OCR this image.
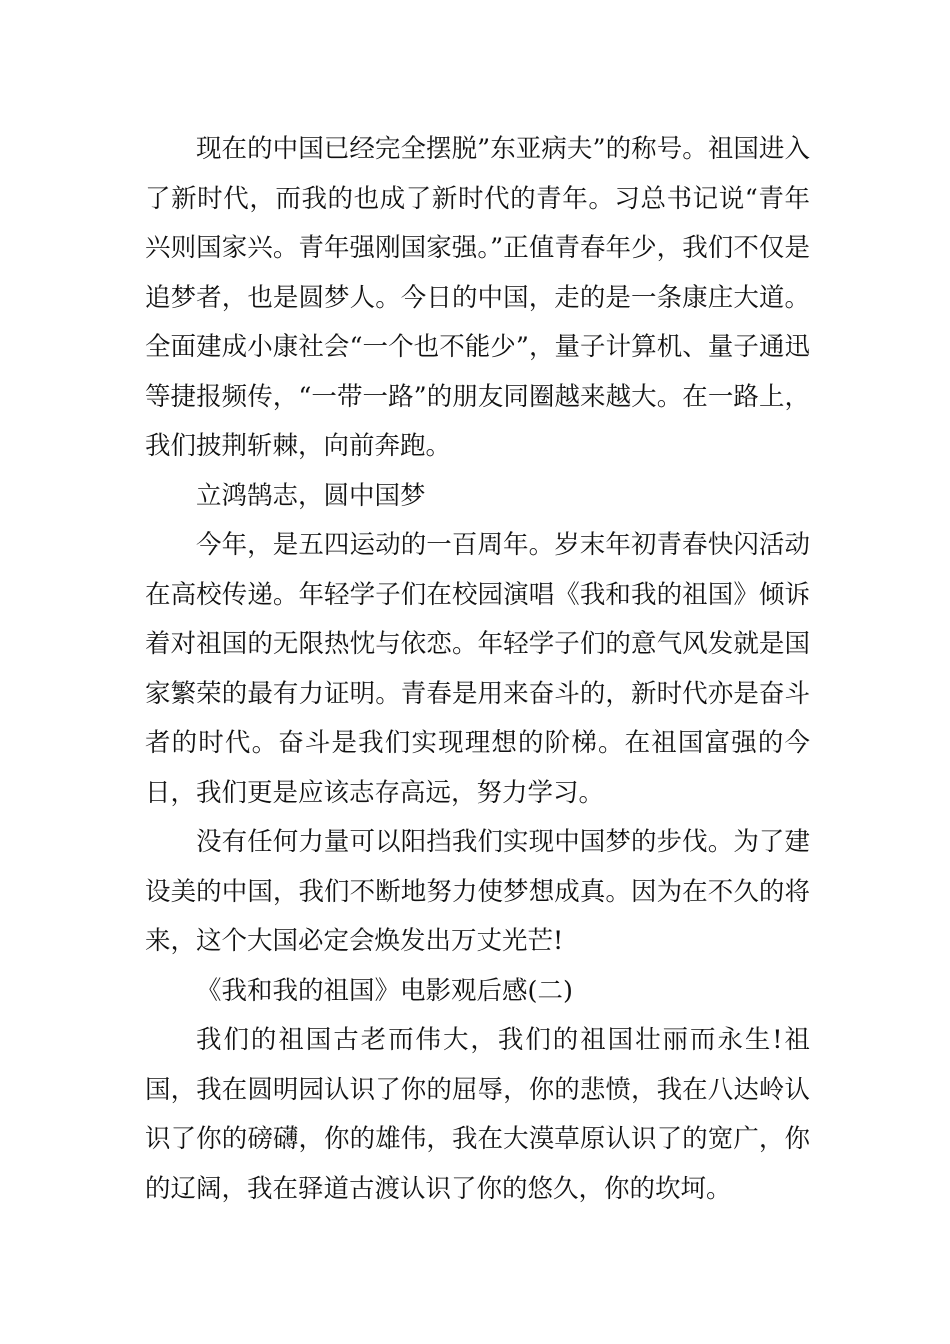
现在的中国已经完全摆脱”东亚病夫”的称号。祖国进入了新时代，而我的也成了新时代的青年。习总书记说“青年兴则国家兴。青年强刚国家强。”正值青春年少，我们不仅是追梦者，也是圆梦人。今日的中国，走的是一条康庄大道。全面建成小康社会“一个也不能少”，量子计算机、量子通迅等捷报频传，“一带一路”的朋友同圈越来越大。在一路上，我们披荆斩棘，向前奔跑。

立鸿鹄志，圆中国梦

今年，是五四运动的一百周年。岁末年初青春快闪活动在高校传递。年轻学子们在校园演唱《我和我的祖国》倾诉着对祖国的无限热忱与依恋。年轻学子们的意气风发就是国家繁荣的最有力证明。青春是用来奋斗的，新时代亦是奋斗者的时代。奋斗是我们实现理想的阶梯。在祖国富强的今日，我们更是应该志存高远，努力学习。

没有任何力量可以阳挡我们实现中国梦的步伐。为了建设美的中国，我们不断地努力使梦想成真。因为在不久的将来，这个大国必定会焕发出万丈光芒!

《我和我的祖国》电影观后感(二)

我们的祖国古老而伟大，我们的祖国壮丽而永生!祖国，我在圆明园认识了你的屈辱，你的悲愤，我在八达岭认识了你的磅礴，你的雄伟，我在大漠草原认识了的宽广，你的辽阔，我在驿道古渡认识了你的悠久，你的坎坷。
